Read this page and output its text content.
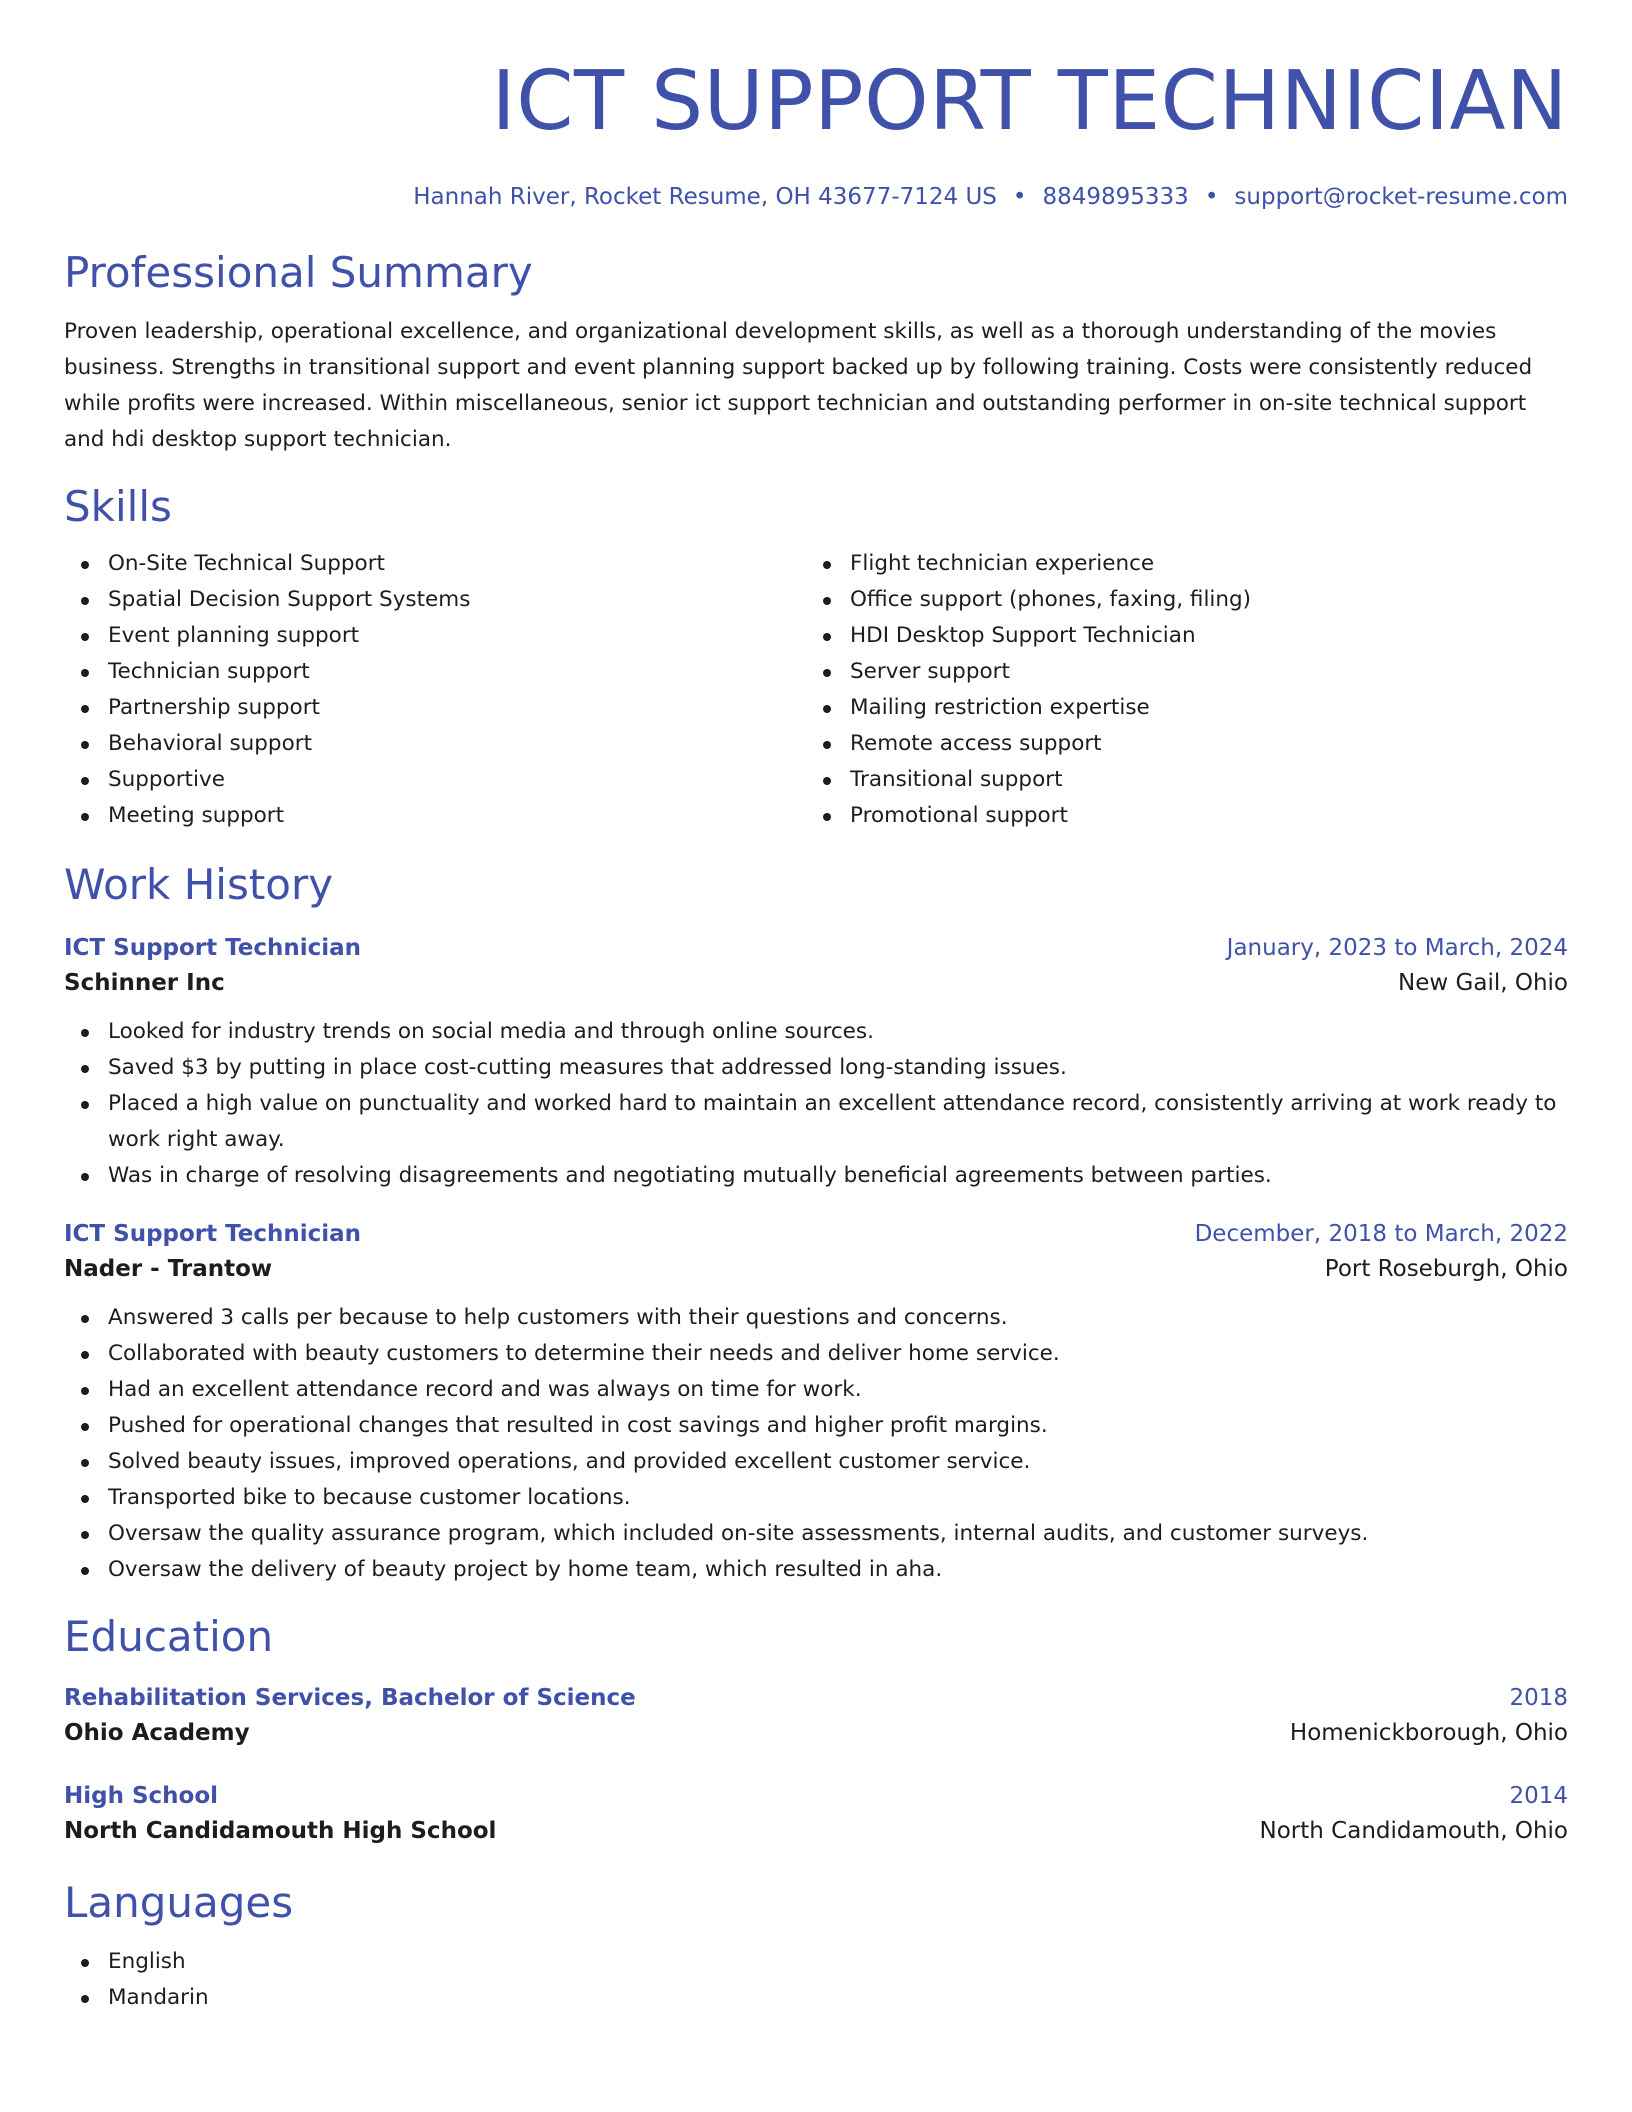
ICT SUPPORT TECHNICIAN
Hannah River, Rocket Resume, OH 43677-7124 US • 8849895333 • support@rocket-resume.com
Professional Summary

Proven leadership, operational excellence, and organizational development skills, as well as a thorough understanding of the movies business. Strengths in transitional support and event planning support backed up by following training. Costs were consistently reduced while profits were increased. Within miscellaneous, senior ict support technician and outstanding performer in on-site technical support and hdi desktop support technician.

Skills
On-Site Technical Support
Spatial Decision Support Systems
Event planning support
Technician support
Partnership support
Behavioral support
Supportive
Meeting support
Flight technician experience
Office support (phones, faxing, filing)
HDI Desktop Support Technician
Server support
Mailing restriction expertise
Remote access support
Transitional support
Promotional support
Work History
ICT Support Technician	January, 2023 to March, 2024
Schinner Inc	New Gail, Ohio
Looked for industry trends on social media and through online sources.
Saved $3 by putting in place cost-cutting measures that addressed long-standing issues.
Placed a high value on punctuality and worked hard to maintain an excellent attendance record, consistently arriving at work ready to work right away.
Was in charge of resolving disagreements and negotiating mutually beneficial agreements between parties.
ICT Support Technician	December, 2018 to March, 2022
Nader - Trantow	Port Roseburgh, Ohio
Answered 3 calls per because to help customers with their questions and concerns.
Collaborated with beauty customers to determine their needs and deliver home service.
Had an excellent attendance record and was always on time for work.
Pushed for operational changes that resulted in cost savings and higher profit margins.
Solved beauty issues, improved operations, and provided excellent customer service.
Transported bike to because customer locations.
Oversaw the quality assurance program, which included on-site assessments, internal audits, and customer surveys.
Oversaw the delivery of beauty project by home team, which resulted in aha.
Education
Rehabilitation Services, Bachelor of Science	2018
Ohio Academy	Homenickborough, Ohio
High School	2014
North Candidamouth High School	North Candidamouth, Ohio
Languages
English
Mandarin
